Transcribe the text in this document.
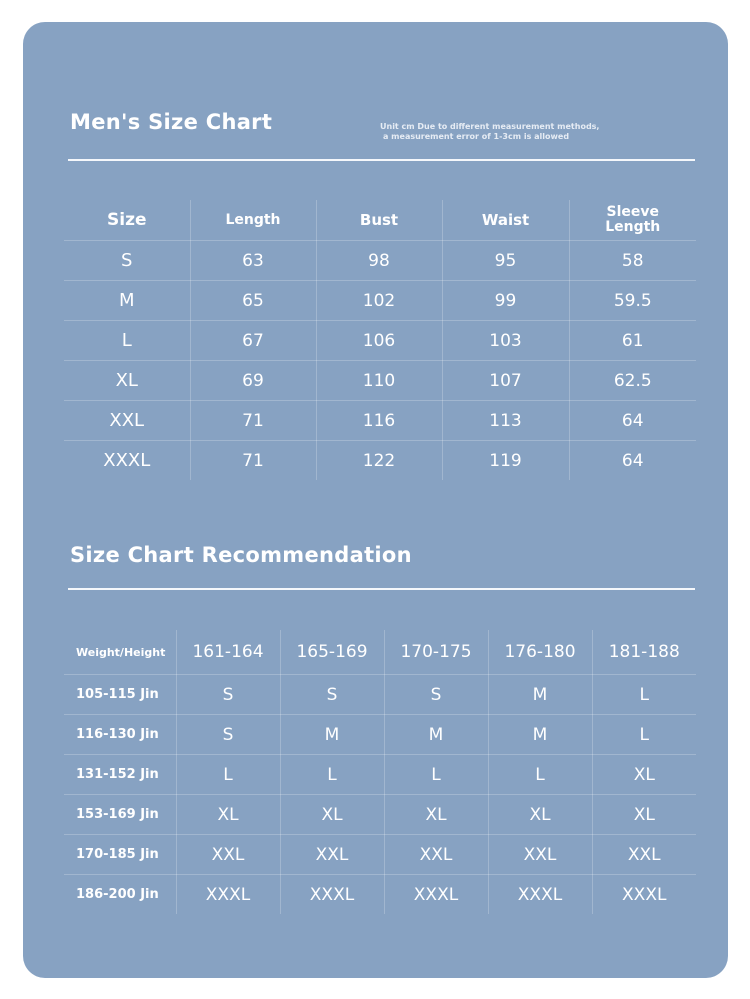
Men's Size Chart	Unit cm Due to different measurement methods,
a measurement error of 1-3cm is allowed
Size	Length	Bust	Waist	Sleeve Length
S	63	98	95	58
M	65	102	99	59.5
L	67	106	103	61
XL	69	110	107	62.5
XXL	71	116	113	64
XXXL	71	122	119	64
Size Chart Recommendation
Weight/Height	161-164	165-169	170-175	176-180	181-188
105-115 Jin	S	S	S	M	L
116-130 Jin	S	M	M	M	L
131-152 Jin	L	L	L	L	XL
153-169 Jin	XL	XL	XL	XL	XL
170-185 Jin	XXL	XXL	XXL	XXL	XXL
186-200 Jin	XXXL	XXXL	XXXL	XXXL	XXXL
